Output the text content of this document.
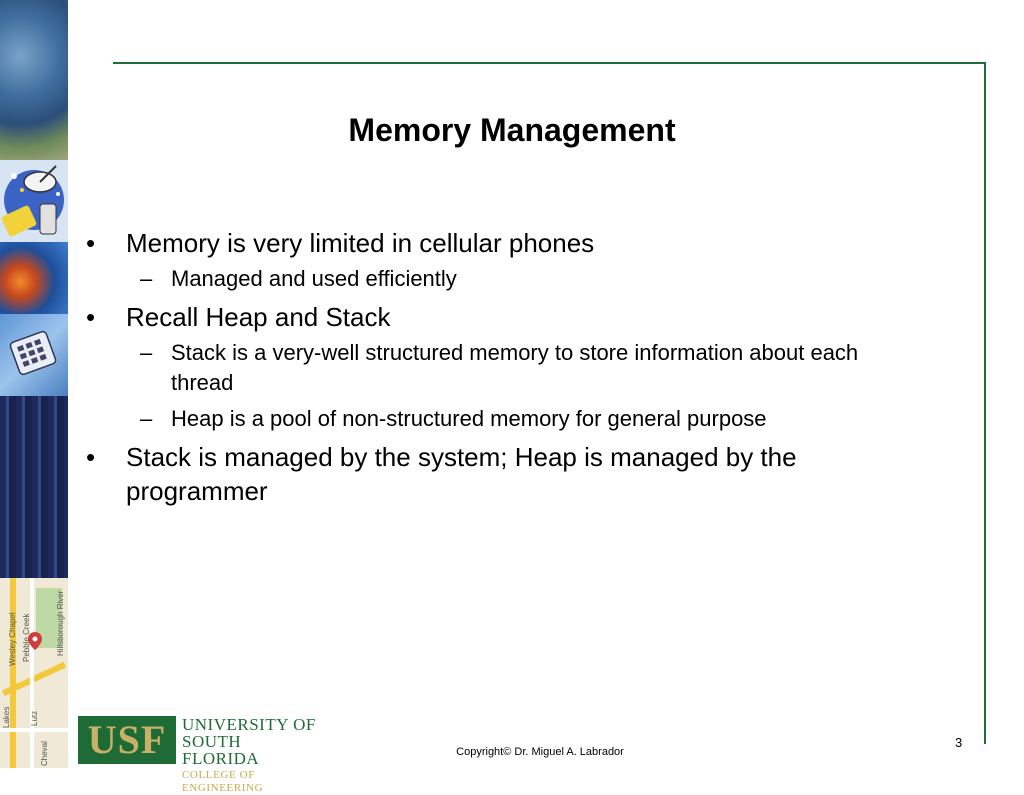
Wesley Chapel
Lutz
Lakes
Hillsborough River
Cheval
Pebble Creek
Memory Management
•	Memory is very limited in cellular phones
– Managed and used efficiently
•	Recall Heap and Stack
– Stack is a very-well structured memory to store information about each thread
– Heap is a pool of non-structured memory for general purpose
•	Stack is managed by the system; Heap is managed by the programmer
USF UNIVERSITY OF
SOUTH FLORIDA
COLLEGE OF ENGINEERING
Copyright© Dr. Miguel A. Labrador
3
